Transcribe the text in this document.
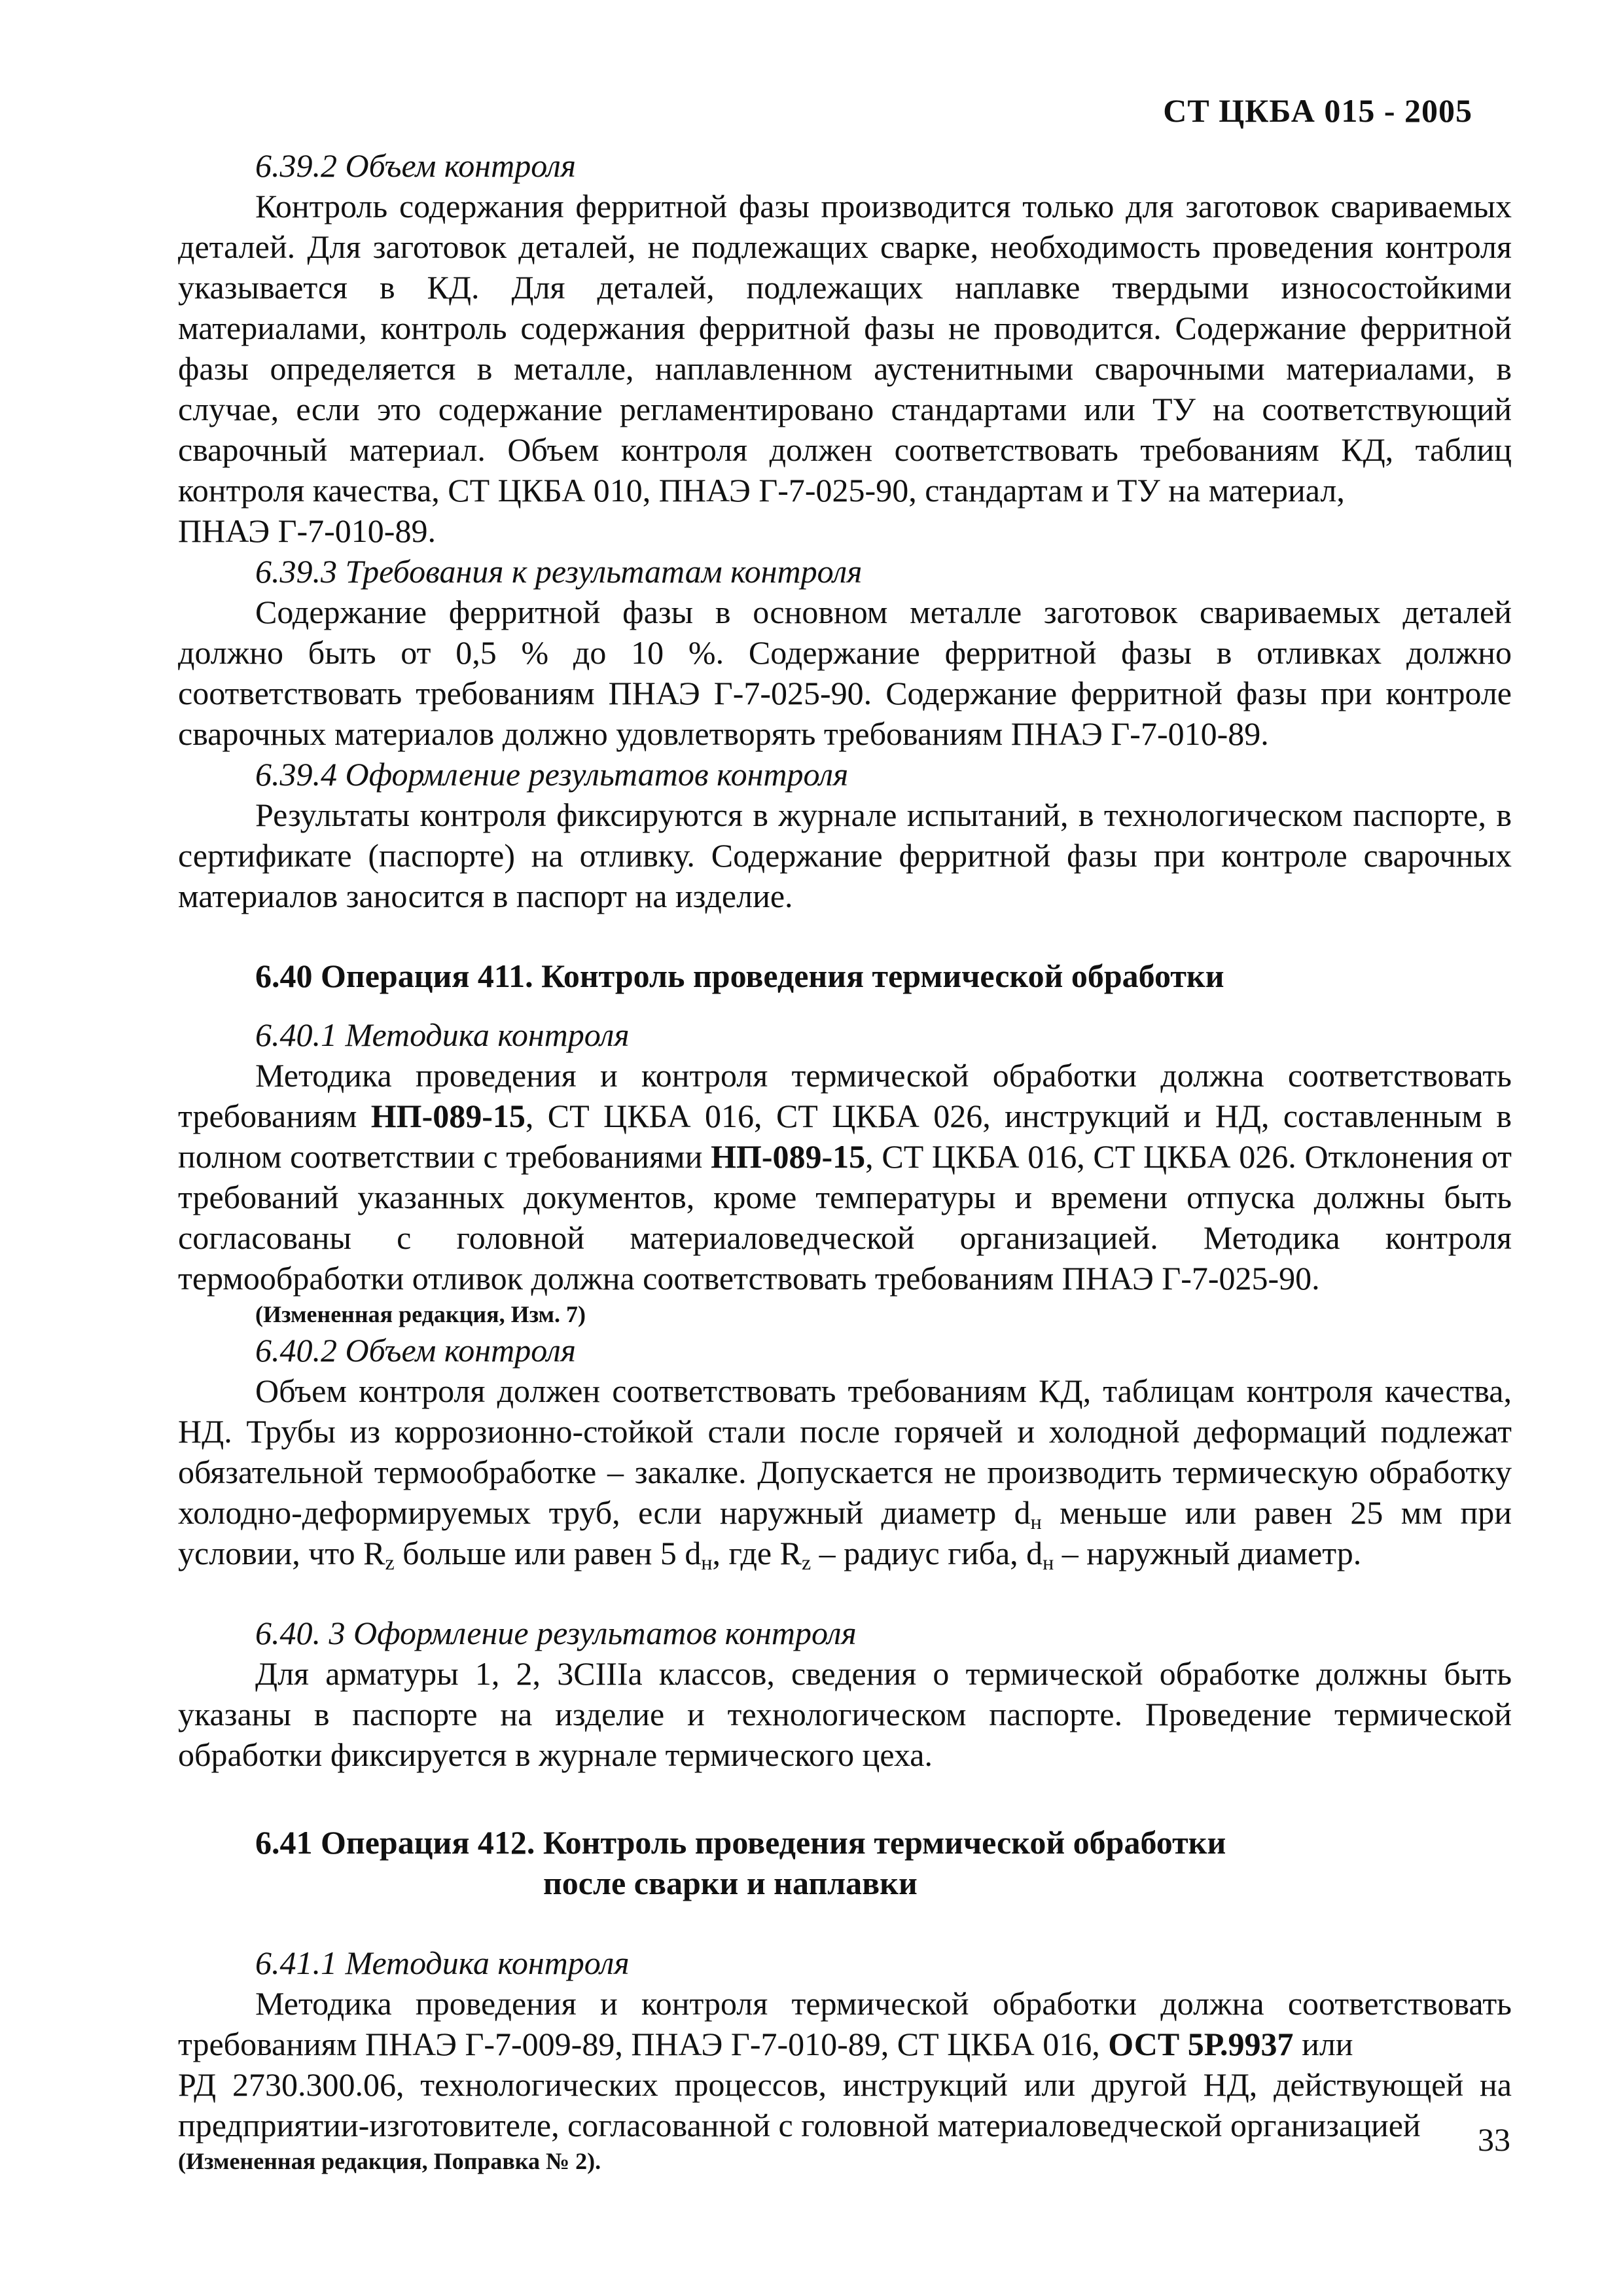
СТ ЦКБА 015 - 2005
6.39.2 Объем контроля

Контроль содержания ферритной фазы производится только для заготовок свариваемых деталей. Для заготовок деталей, не подлежащих сварке, необходимость проведения контроля указывается в КД. Для деталей, подлежащих наплавке твердыми износостойкими материалами, контроль содержания ферритной фазы не проводится. Содержание ферритной фазы определяется в металле, наплавленном аустенитными сварочными материалами, в случае, если это содержание регламентировано стандартами или ТУ на соответствующий сварочный материал. Объем контроля должен соответствовать требованиям КД, таблиц контроля качества, СТ ЦКБА 010, ПНАЭ Г-7-025-90, стандартам и ТУ на материал,

ПНАЭ Г-7-010-89.

6.39.3 Требования к результатам контроля

Содержание ферритной фазы в основном металле заготовок свариваемых деталей должно быть от 0,5 % до 10 %. Содержание ферритной фазы в отливках должно соответствовать требованиям ПНАЭ Г-7-025-90. Содержание ферритной фазы при контроле сварочных материалов должно удовлетворять требованиям ПНАЭ Г-7-010-89.

6.39.4 Оформление результатов контроля

Результаты контроля фиксируются в журнале испытаний, в технологическом паспорте, в сертификате (паспорте) на отливку. Содержание ферритной фазы при контроле сварочных материалов заносится в паспорт на изделие.

6.40 Операция 411. Контроль проведения термической обработки
6.40.1 Методика контроля

Методика проведения и контроля термической обработки должна соответствовать требованиям НП-089-15, СТ ЦКБА 016, СТ ЦКБА 026, инструкций и НД, составленным в полном соответствии с требованиями НП-089-15, СТ ЦКБА 016, СТ ЦКБА 026. Отклонения от требований указанных документов, кроме температуры и времени отпуска должны быть согласованы с головной материаловедческой организацией. Методика контроля термообработки отливок должна соответствовать требованиям ПНАЭ Г-7-025-90.

(Измененная редакция, Изм. 7)
6.40.2 Объем контроля

Объем контроля должен соответствовать требованиям КД, таблицам контроля качества, НД. Трубы из коррозионно-стойкой стали после горячей и холодной деформаций подлежат обязательной термообработке – закалке. Допускается не производить термическую обработку холодно-деформируемых труб, если наружный диаметр $d_н$ меньше или равен 25 мм при условии, что $R_z$ больше или равен 5 $d_н$, где $R_z$ – радиус гиба, $d_н$ – наружный диаметр.

6.40. 3 Оформление результатов контроля

Для арматуры 1, 2, 3СIIIа классов, сведения о термической обработке должны быть указаны в паспорте на изделие и технологическом паспорте. Проведение термической обработки фиксируется в журнале термического цеха.

6.41 Операция 412. Контроль проведения термической обработки
после сварки и наплавки
6.41.1 Методика контроля

Методика проведения и контроля термической обработки должна соответствовать требованиям ПНАЭ Г-7-009-89, ПНАЭ Г-7-010-89, СТ ЦКБА 016, ОСТ 5Р.9937 или

РД 2730.300.06, технологических процессов, инструкций или другой НД, действующей на предприятии-изготовителе, согласованной с головной материаловедческой организацией

(Измененная редакция, Поправка № 2).
33
